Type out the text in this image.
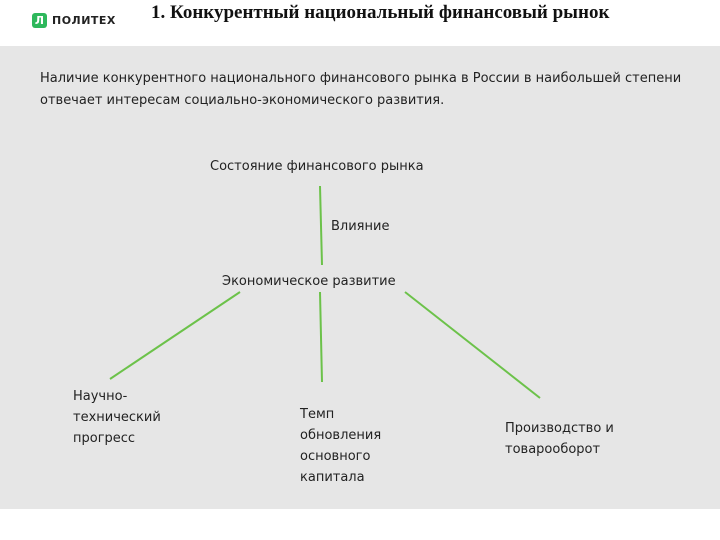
Л ПОЛИТЕХ 1. Конкурентный национальный финансовый рынок
Наличие конкурентного национального финансового рынка в России в наибольшей степени отвечает интересам социально-экономического развития.
Состояние финансового рынка
Влияние
Экономическое развитие
Научно-
технический
прогресс
Темп
обновления
основного
капитала
Производство и
товарооборот
